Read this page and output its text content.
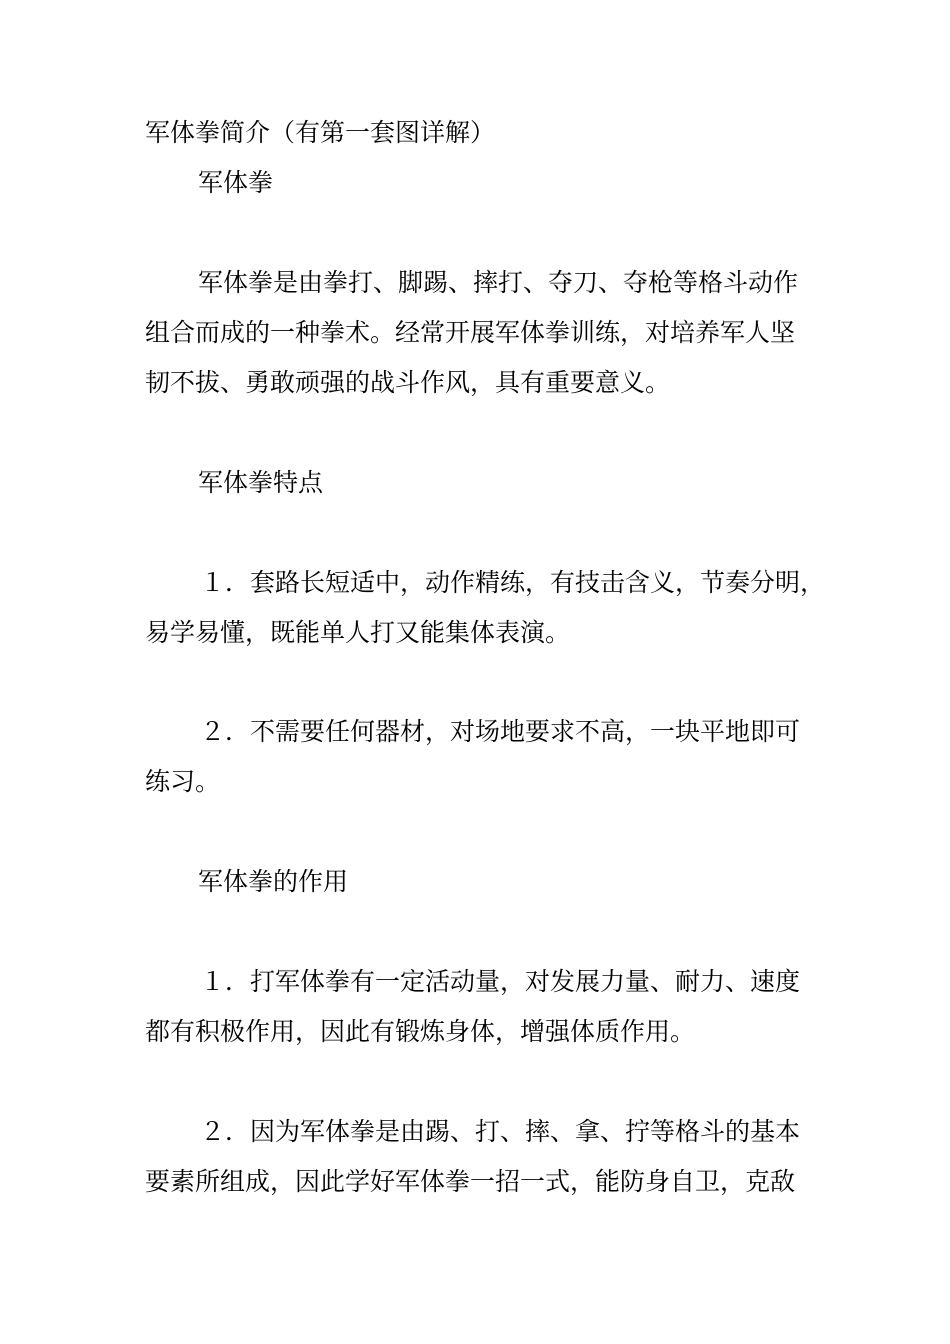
军体拳简介（有第一套图详解）
军体拳
军体拳是由拳打、脚踢、摔打、夺刀、夺枪等格斗动作
组合而成的一种拳术。经常开展军体拳训练，对培养军人坚
韧不拔、勇敢顽强的战斗作风，具有重要意义。
军体拳特点
１．套路长短适中，动作精练，有技击含义，节奏分明，
易学易懂，既能单人打又能集体表演。
２．不需要任何器材，对场地要求不高，一块平地即可
练习。
军体拳的作用
１．打军体拳有一定活动量，对发展力量、耐力、速度
都有积极作用，因此有锻炼身体，增强体质作用。
２．因为军体拳是由踢、打、摔、拿、拧等格斗的基本
要素所组成，因此学好军体拳一招一式，能防身自卫，克敌
